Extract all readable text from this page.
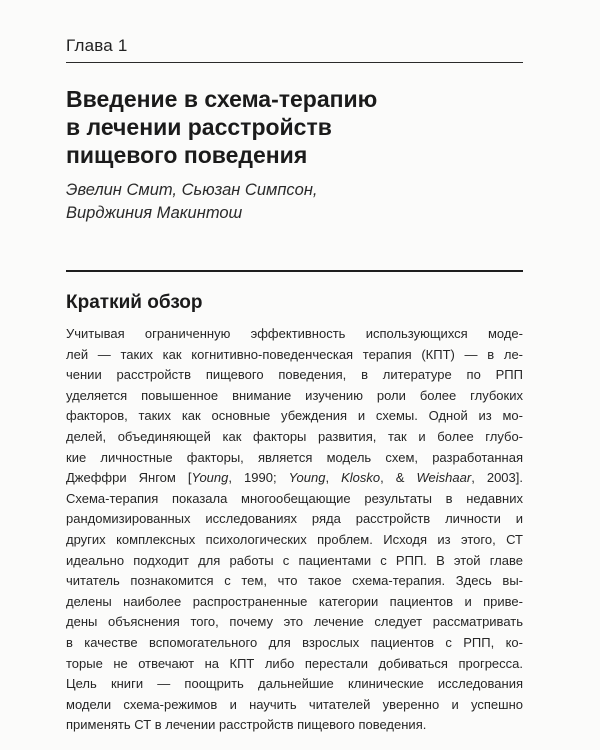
Глава 1
Введение в схема-терапию
в лечении расстройств
пищевого поведения
Эвелин Смит, Сьюзан Симпсон,
Вирджиния Макинтош
Краткий обзор
Учитывая ограниченную эффективность использующихся моде-
лей — таких как когнитивно-поведенческая терапия (КПТ) — в ле-
чении расстройств пищевого поведения, в литературе по РПП
уделяется повышенное внимание изучению роли более глубоких
факторов, таких как основные убеждения и схемы. Одной из мо-
делей, объединяющей как факторы развития, так и более глубо-
кие личностные факторы, является модель схем, разработанная
Джеффри Янгом [Young, 1990; Young, Klosko, & Weishaar, 2003].
Схема-терапия показала многообещающие результаты в недавних
рандомизированных исследованиях ряда расстройств личности и
других комплексных психологических проблем. Исходя из этого, СТ
идеально подходит для работы с пациентами с РПП. В этой главе
читатель познакомится с тем, что такое схема-терапия. Здесь вы-
делены наиболее распространенные категории пациентов и приве-
дены объяснения того, почему это лечение следует рассматривать
в качестве вспомогательного для взрослых пациентов с РПП, ко-
торые не отвечают на КПТ либо перестали добиваться прогресса.
Цель книги — поощрить дальнейшие клинические исследования
модели схема-режимов и научить читателей уверенно и успешно
применять СТ в лечении расстройств пищевого поведения.
